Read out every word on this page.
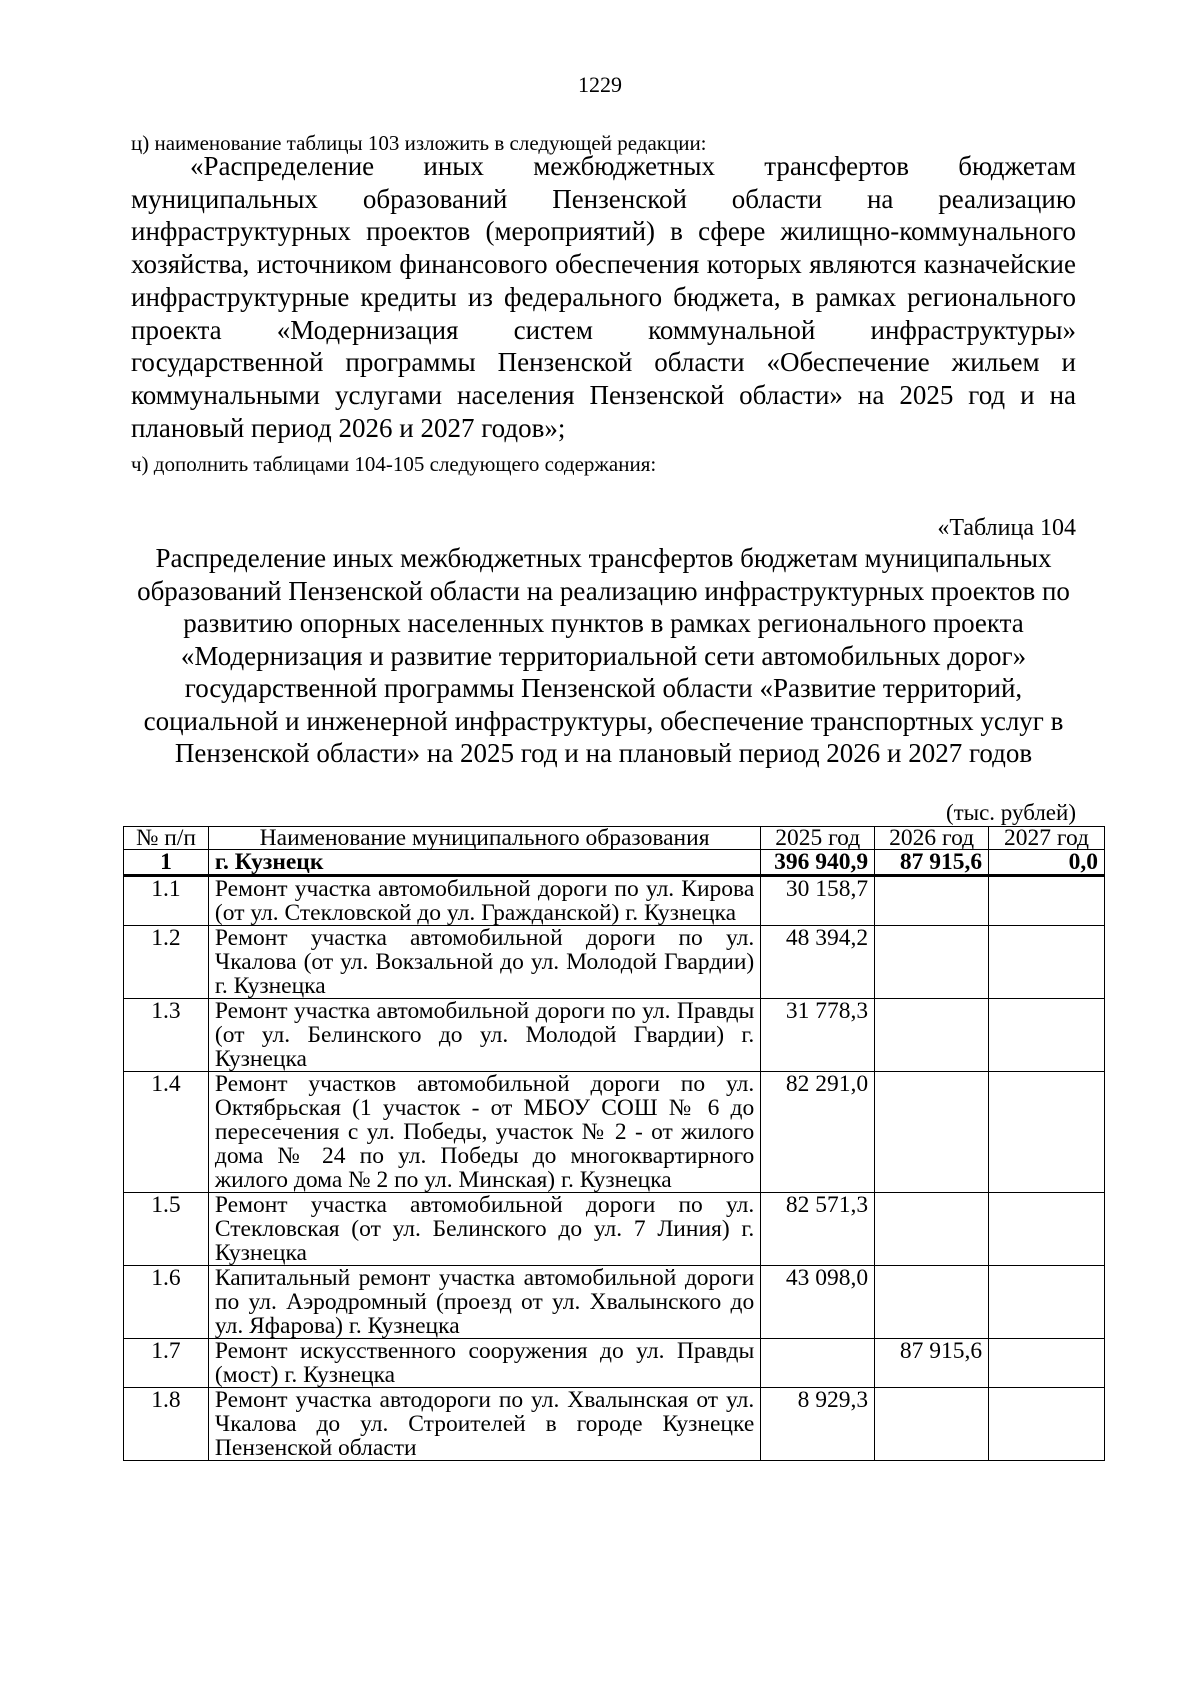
1229
ц) наименование таблицы 103 изложить в следующей редакции:
«Распределение иных межбюджетных трансфертов бюджетам муниципальных образований Пензенской области на реализацию инфраструктурных проектов (мероприятий) в сфере жилищно-коммунального хозяйства, источником финансового обеспечения которых являются казначейские инфраструктурные кредиты из федерального бюджета, в рамках регионального проекта «Модернизация систем коммунальной инфраструктуры» государственной программы Пензенской области «Обеспечение жильем и коммунальными услугами населения Пензенской области» на 2025 год и на плановый период 2026 и 2027 годов»;
ч) дополнить таблицами 104-105 следующего содержания:
«Таблица 104
Распределение иных межбюджетных трансфертов бюджетам муниципальных образований Пензенской области на реализацию инфраструктурных проектов по развитию опорных населенных пунктов в рамках регионального проекта «Модернизация и развитие территориальной сети автомобильных дорог» государственной программы Пензенской области «Развитие территорий, социальной и инженерной инфраструктуры, обеспечение транспортных услуг в Пензенской области» на 2025 год и на плановый период 2026 и 2027 годов
(тыс. рублей)
№ п/п	Наименование муниципального образования	2025 год	2026 год	2027 год
1	г. Кузнецк	396 940,9	87 915,6	0,0
1.1	Ремонт участка автомобильной дороги по ул. Кирова (от ул. Стекловской до ул. Гражданской) г. Кузнецка	30 158,7		
1.2	Ремонт участка автомобильной дороги по ул. Чкалова (от ул. Вокзальной до ул. Молодой Гвардии) г. Кузнецка	48 394,2		
1.3	Ремонт участка автомобильной дороги по ул. Правды (от ул. Белинского до ул. Молодой Гвардии) г. Кузнецка	31 778,3		
1.4	Ремонт участков автомобильной дороги по ул. Октябрьская (1 участок - от МБОУ СОШ № 6 до пересечения с ул. Победы, участок № 2 - от жилого дома № 24 по ул. Победы до многоквартирного жилого дома № 2 по ул. Минская) г. Кузнецка	82 291,0		
1.5	Ремонт участка автомобильной дороги по ул. Стекловская (от ул. Белинского до ул. 7 Линия) г. Кузнецка	82 571,3		
1.6	Капитальный ремонт участка автомобильной дороги по ул. Аэродромный (проезд от ул. Хвалынского до ул. Яфарова) г. Кузнецка	43 098,0		
1.7	Ремонт искусственного сооружения до ул. Правды (мост) г. Кузнецка		87 915,6	
1.8	Ремонт участка автодороги по ул. Хвалынская от ул. Чкалова до ул. Строителей в городе Кузнецке Пензенской области	8 929,3		
